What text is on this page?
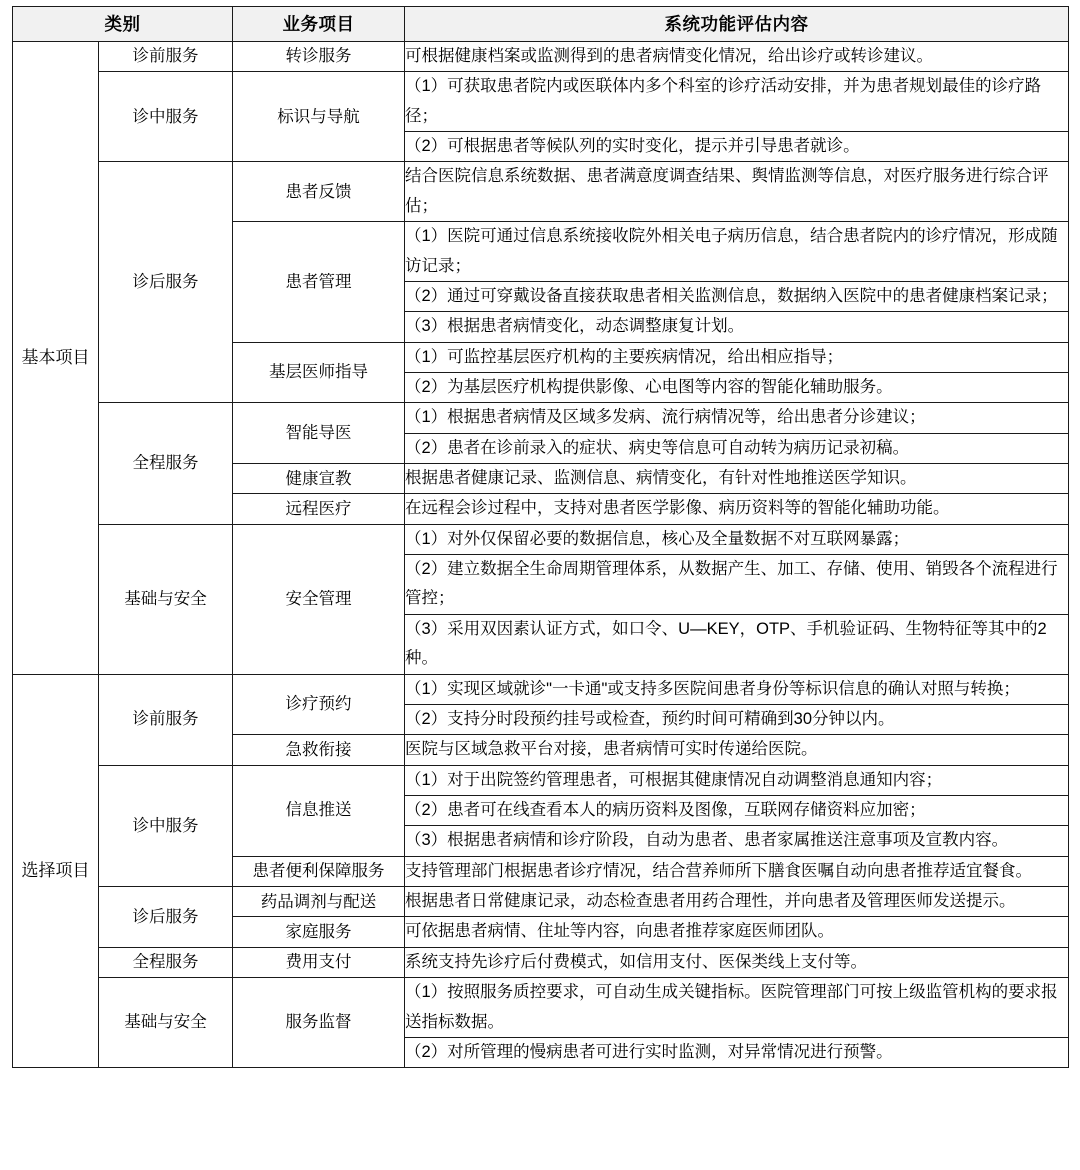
类别		业务项目	系统功能评估内容
基本项目	诊前服务	转诊服务	可根据健康档案或监测得到的患者病情变化情况，给出诊疗或转诊建议。
	诊中服务	标识与导航	（1）可获取患者院内或医联体内多个科室的诊疗活动安排，并为患者规划最佳的诊疗路径；
			（2）可根据患者等候队列的实时变化，提示并引导患者就诊。
	诊后服务	患者反馈	结合医院信息系统数据、患者满意度调查结果、舆情监测等信息，对医疗服务进行综合评估；
		患者管理	（1）医院可通过信息系统接收院外相关电子病历信息，结合患者院内的诊疗情况，形成随访记录；
			（2）通过可穿戴设备直接获取患者相关监测信息，数据纳入医院中的患者健康档案记录；
			（3）根据患者病情变化，动态调整康复计划。
		基层医师指导	（1）可监控基层医疗机构的主要疾病情况，给出相应指导；
			（2）为基层医疗机构提供影像、心电图等内容的智能化辅助服务。
	全程服务	智能导医	（1）根据患者病情及区域多发病、流行病情况等，给出患者分诊建议；
			（2）患者在诊前录入的症状、病史等信息可自动转为病历记录初稿。
		健康宣教	根据患者健康记录、监测信息、病情变化，有针对性地推送医学知识。
		远程医疗	在远程会诊过程中，支持对患者医学影像、病历资料等的智能化辅助功能。
	基础与安全	安全管理	（1）对外仅保留必要的数据信息，核心及全量数据不对互联网暴露；
			（2）建立数据全生命周期管理体系，从数据产生、加工、存储、使用、销毁各个流程进行管控；
			（3）采用双因素认证方式，如口令、U—KEY，OTP、手机验证码、生物特征等其中的2种。
选择项目	诊前服务	诊疗预约	（1）实现区域就诊"一卡通"或支持多医院间患者身份等标识信息的确认对照与转换；
			（2）支持分时段预约挂号或检查，预约时间可精确到30分钟以内。
		急救衔接	医院与区域急救平台对接，患者病情可实时传递给医院。
	诊中服务	信息推送	（1）对于出院签约管理患者，可根据其健康情况自动调整消息通知内容；
			（2）患者可在线查看本人的病历资料及图像，互联网存储资料应加密；
			（3）根据患者病情和诊疗阶段，自动为患者、患者家属推送注意事项及宣教内容。
		患者便利保障服务	支持管理部门根据患者诊疗情况，结合营养师所下膳食医嘱自动向患者推荐适宜餐食。
	诊后服务	药品调剂与配送	根据患者日常健康记录，动态检查患者用药合理性，并向患者及管理医师发送提示。
		家庭服务	可依据患者病情、住址等内容，向患者推荐家庭医师团队。
	全程服务	费用支付	系统支持先诊疗后付费模式，如信用支付、医保类线上支付等。
	基础与安全	服务监督	（1）按照服务质控要求，可自动生成关键指标。医院管理部门可按上级监管机构的要求报送指标数据。
			（2）对所管理的慢病患者可进行实时监测，对异常情况进行预警。
